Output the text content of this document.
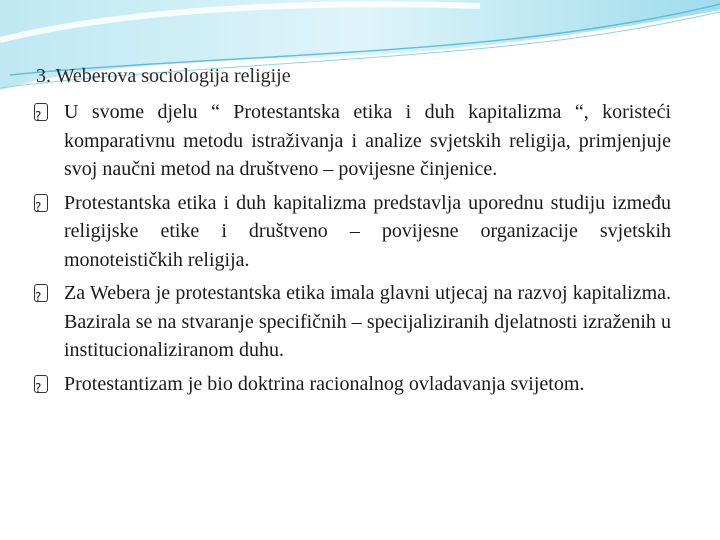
3. Weberova sociologija religije

?U svome djelu “ Protestantska etika i duh kapitalizma “, koristeći komparativnu metodu istraživanja i analize svjetskih religija, primjenjuje svoj naučni metod na društveno – povijesne činjenice.

?Protestantska etika i duh kapitalizma predstavlja uporednu studiju između religijske etike i društveno – povijesne organizacije svjetskih monoteističkih religija.

?Za Webera je protestantska etika imala glavni utjecaj na razvoj kapitalizma. Bazirala se na stvaranje specifičnih – specijaliziranih djelatnosti izraženih u institucionaliziranom duhu.

?Protestantizam je bio doktrina racionalnog ovladavanja svijetom.
